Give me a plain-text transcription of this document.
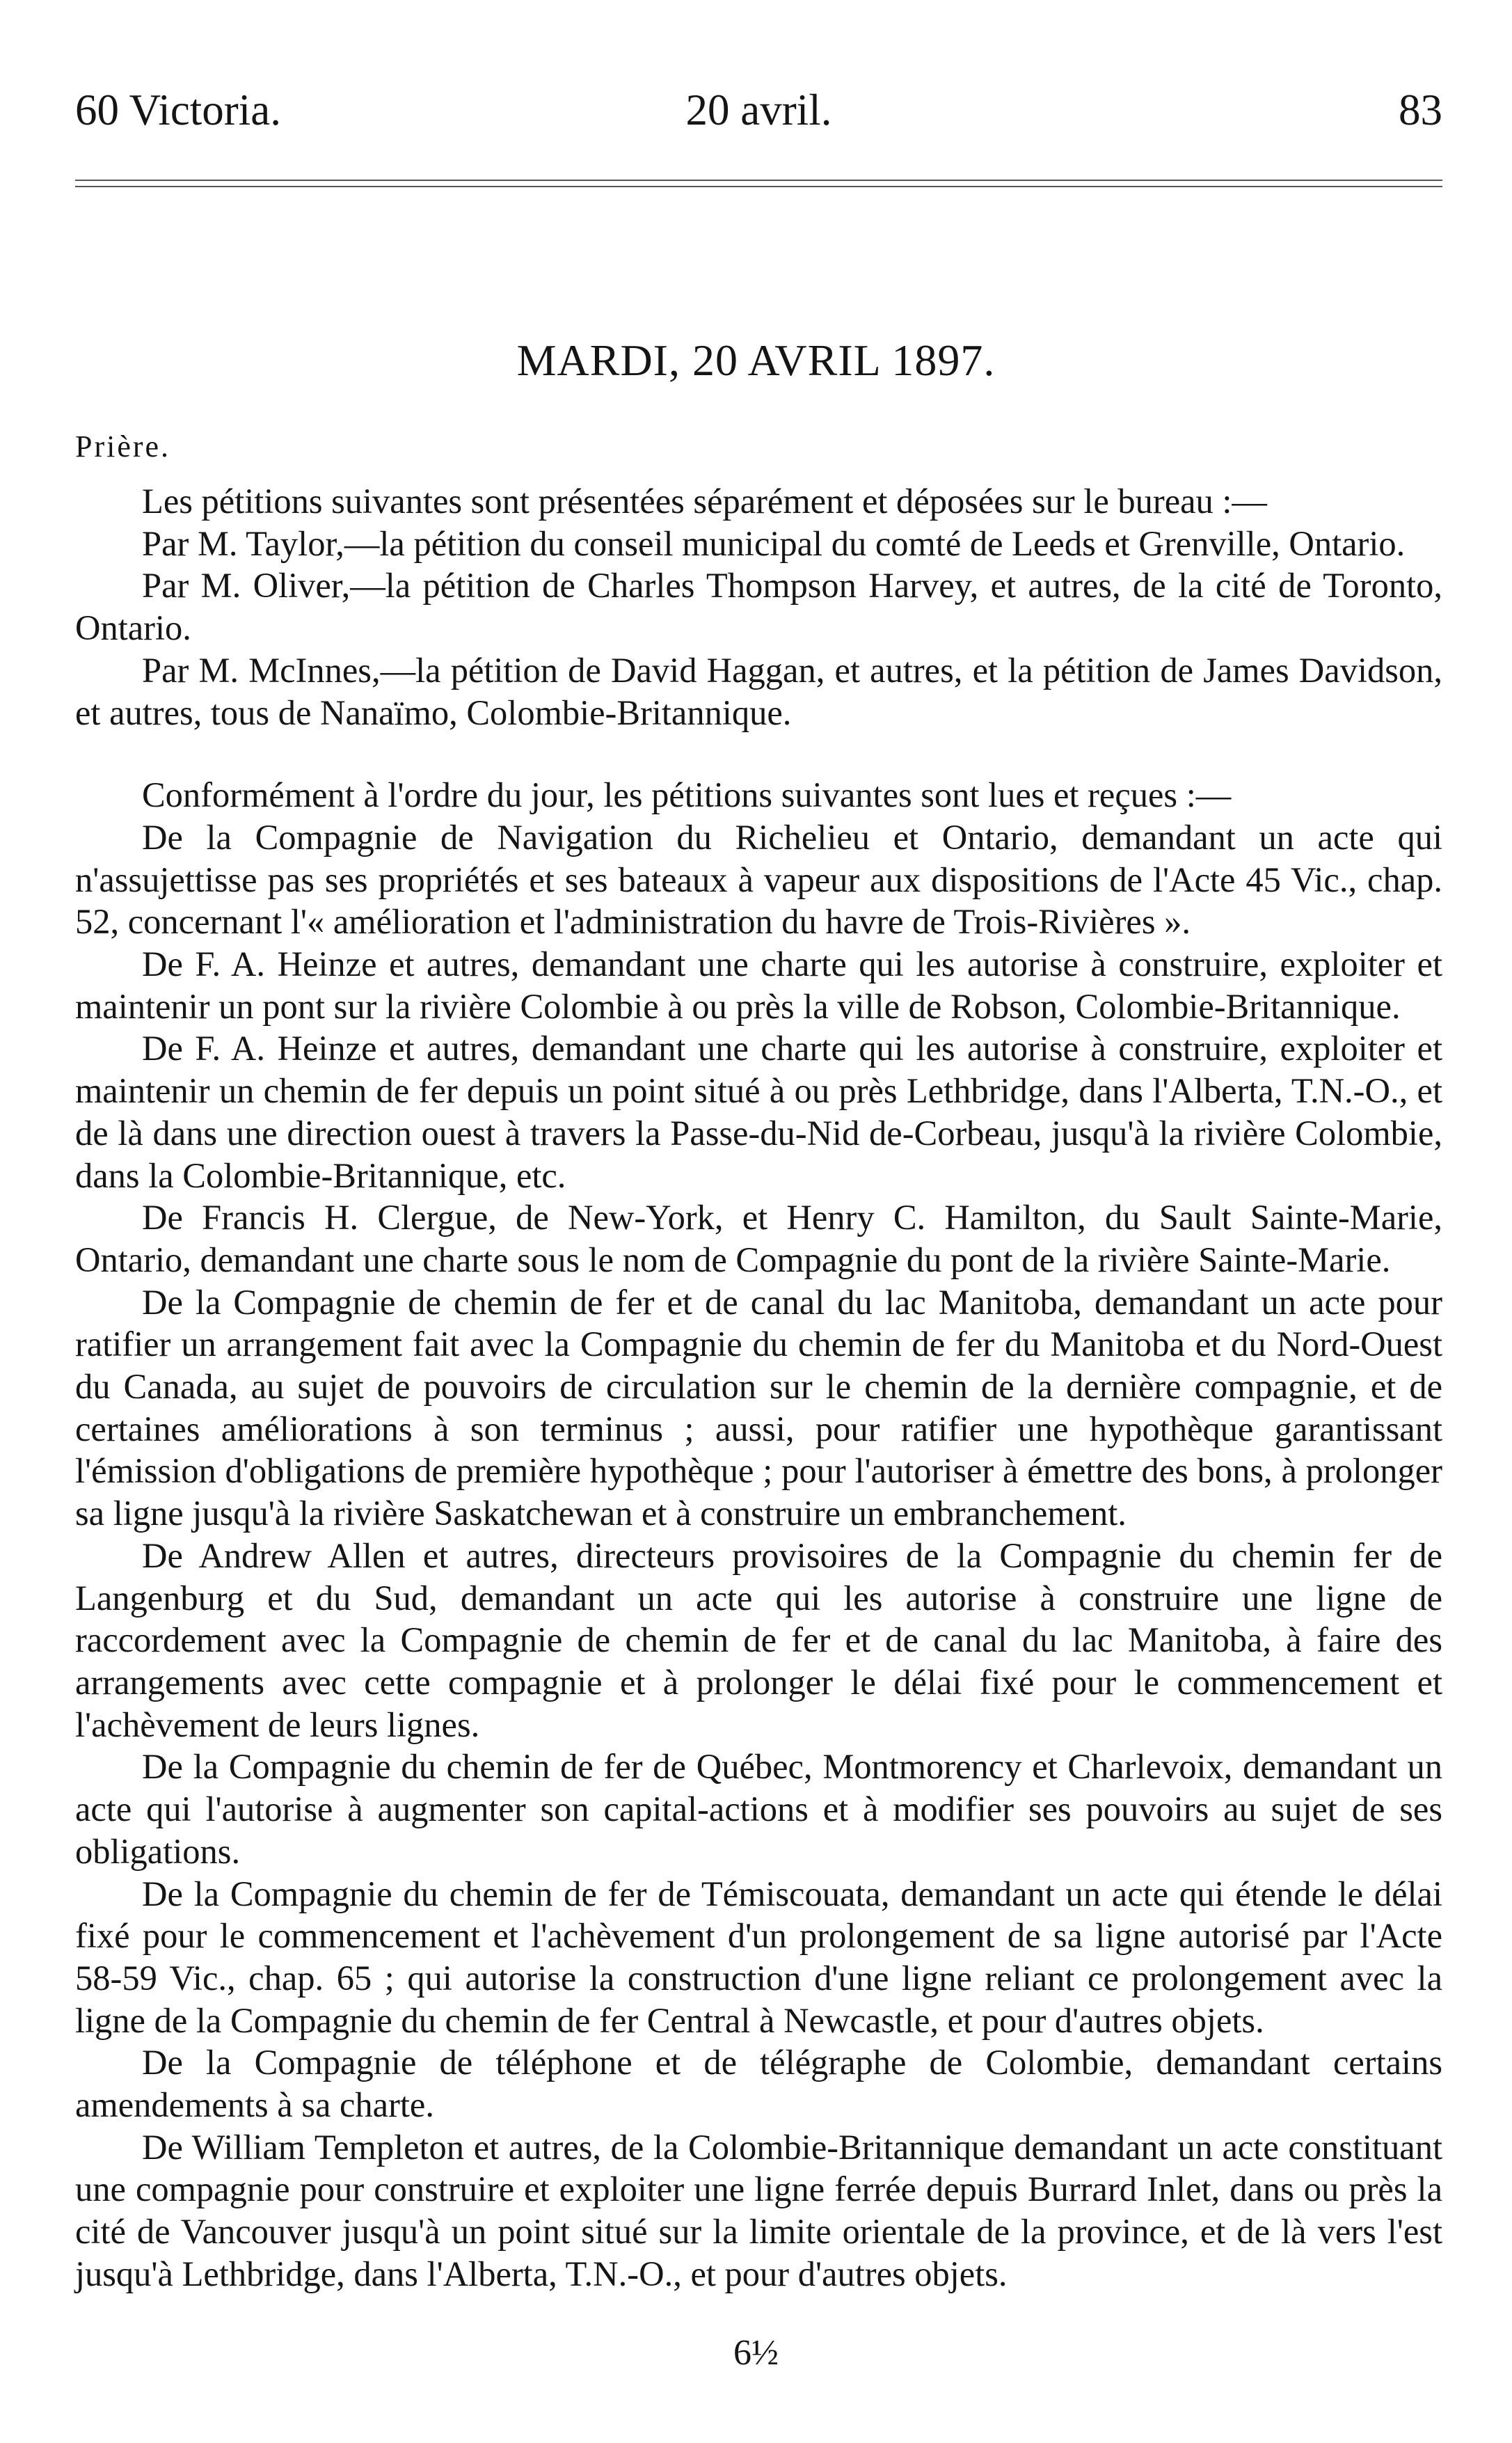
20 avril.
60 Victoria.	83
MARDI, 20 AVRIL 1897.
Prière.

Les pétitions suivantes sont présentées séparément et déposées sur le bureau :—

Par M. Taylor,—la pétition du conseil municipal du comté de Leeds et Grenville, Ontario.

Par M. Oliver,—la pétition de Charles Thompson Harvey, et autres, de la cité de Toronto, Ontario.

Par M. McInnes,—la pétition de David Haggan, et autres, et la pétition de James Davidson, et autres, tous de Nanaïmo, Colombie-Britannique.

Conformément à l'ordre du jour, les pétitions suivantes sont lues et reçues :—

De la Compagnie de Navigation du Richelieu et Ontario, demandant un acte qui n'assujettisse pas ses propriétés et ses bateaux à vapeur aux dispositions de l'Acte 45 Vic., chap. 52, concernant l'« amélioration et l'administration du havre de Trois-Rivières ».

De F. A. Heinze et autres, demandant une charte qui les autorise à construire, exploiter et maintenir un pont sur la rivière Colombie à ou près la ville de Robson, Colombie-Britannique.

De F. A. Heinze et autres, demandant une charte qui les autorise à construire, exploiter et maintenir un chemin de fer depuis un point situé à ou près Lethbridge, dans l'Alberta, T.N.-O., et de là dans une direction ouest à travers la Passe-du-Nid de-Corbeau, jusqu'à la rivière Colombie, dans la Colombie-Britannique, etc.

De Francis H. Clergue, de New-York, et Henry C. Hamilton, du Sault Sainte-Marie, Ontario, demandant une charte sous le nom de Compagnie du pont de la rivière Sainte-Marie.

De la Compagnie de chemin de fer et de canal du lac Manitoba, demandant un acte pour ratifier un arrangement fait avec la Compagnie du chemin de fer du Manitoba et du Nord-Ouest du Canada, au sujet de pouvoirs de circulation sur le chemin de la dernière compagnie, et de certaines améliorations à son terminus ; aussi, pour ratifier une hypothèque garantissant l'émission d'obligations de première hypothèque ; pour l'autoriser à émettre des bons, à prolonger sa ligne jusqu'à la rivière Saskatchewan et à construire un embranchement.

De Andrew Allen et autres, directeurs provisoires de la Compagnie du chemin fer de Langenburg et du Sud, demandant un acte qui les autorise à construire une ligne de raccordement avec la Compagnie de chemin de fer et de canal du lac Manitoba, à faire des arrangements avec cette compagnie et à prolonger le délai fixé pour le commencement et l'achèvement de leurs lignes.

De la Compagnie du chemin de fer de Québec, Montmorency et Charlevoix, demandant un acte qui l'autorise à augmenter son capital-actions et à modifier ses pouvoirs au sujet de ses obligations.

De la Compagnie du chemin de fer de Témiscouata, demandant un acte qui étende le délai fixé pour le commencement et l'achèvement d'un prolongement de sa ligne autorisé par l'Acte 58-59 Vic., chap. 65 ; qui autorise la construction d'une ligne reliant ce prolongement avec la ligne de la Compagnie du chemin de fer Central à Newcastle, et pour d'autres objets.

De la Compagnie de téléphone et de télégraphe de Colombie, demandant certains amendements à sa charte.

De William Templeton et autres, de la Colombie-Britannique demandant un acte constituant une compagnie pour construire et exploiter une ligne ferrée depuis Burrard Inlet, dans ou près la cité de Vancouver jusqu'à un point situé sur la limite orientale de la province, et de là vers l'est jusqu'à Lethbridge, dans l'Alberta, T.N.-O., et pour d'autres objets.

6½
